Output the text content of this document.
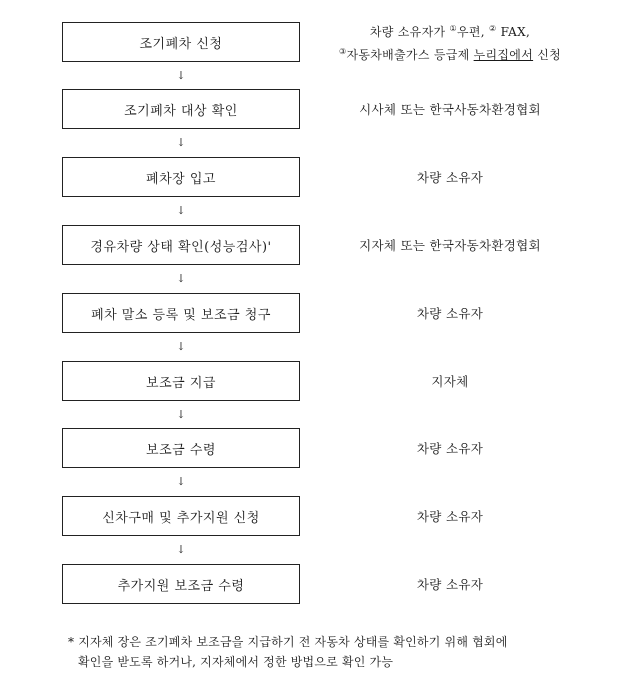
조기폐차 신청
차량 소유자가 ①우편, ② FAX,
③자동차배출가스 등급제 누리집에서 신청
↓
조기폐차 대상 확인	시사체 또는 한국사동차환경협회
↓
폐차장 입고	차량 소유자
↓
경유차량 상태 확인(성능검사)'	지자체 또는 한국자동차환경협회
↓
폐차 말소 등록 및 보조금 청구	차량 소유자
↓
보조금 지급	지자체
↓
보조금 수령	차량 소유자
↓
신차구매 및 추가지원 신청	차량 소유자
↓
추가지원 보조금 수령	차량 소유자
* 지자체 장은 조기폐차 보조금을 지급하기 전 자동차 상태를 확인하기 위해 협회에
확인을 받도록 하거나, 지자체에서 정한 방법으로 확인 가능
